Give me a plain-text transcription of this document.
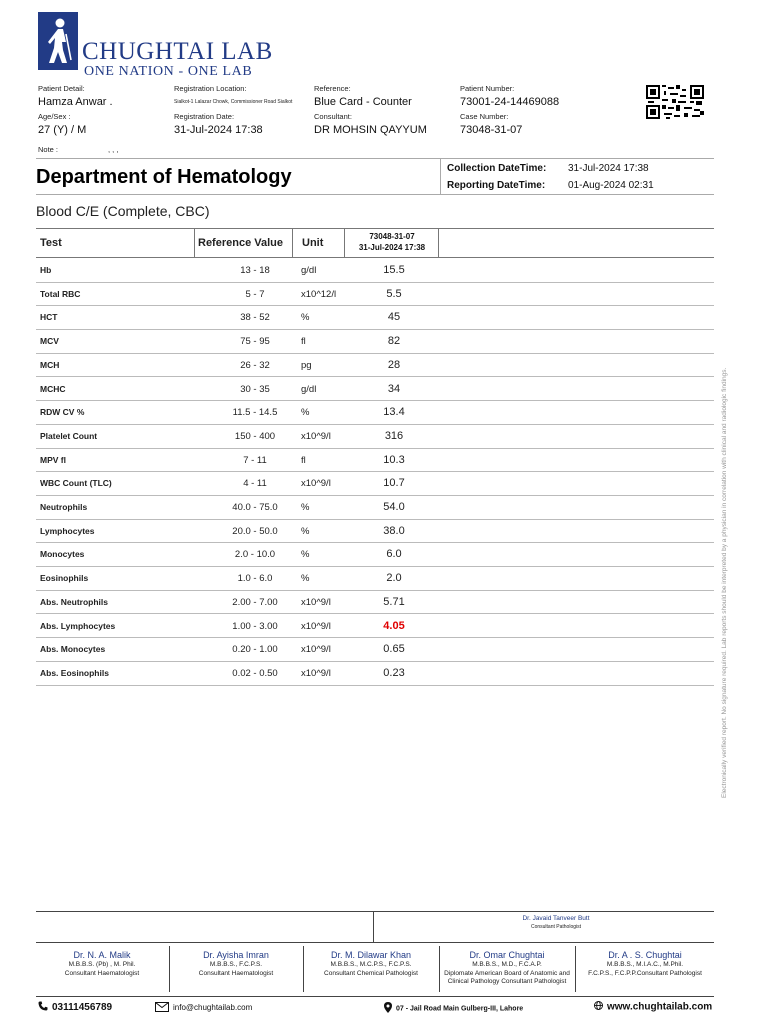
CHUGHTAI LAB
ONE NATION - ONE LAB
Patient Detail:
Hamza Anwar .
Age/Sex :
27 (Y) / M
Note :	, , ,
Registration Location:
Sialkot-1 Lalazar Chowk, Commissioner Road Sialkot
Registration Date:
31-Jul-2024 17:38
Reference:
Blue Card - Counter
Consultant:
DR MOHSIN QAYYUM
Patient Number:
73001-24-14469088
Case Number:
73048-31-07
Department of Hematology	Collection DateTime: 31-Jul-2024 17:38
Reporting DateTime: 01-Aug-2024 02:31
Blood C/E (Complete, CBC)
Test	Reference Value Unit
73048-31-07
31-Jul-2024 17:38
Hb	13 - 18	g/dl	15.5
Total RBC	5 - 7	x10^12/l	5.5
HCT	38 - 52	%	45
MCV	75 - 95	fl	82
MCH	26 - 32	pg	28
MCHC	30 - 35	g/dl	34
RDW CV %	11.5 - 14.5	%	13.4
Platelet Count	150 - 400	x10^9/l	316
MPV fl	7 - 11	fl	10.3
WBC Count (TLC)	4 - 11	x10^9/l	10.7
Neutrophils	40.0 - 75.0	%	54.0
Lymphocytes	20.0 - 50.0	%	38.0
Monocytes	2.0 - 10.0	%	6.0
Eosinophils	1.0 - 6.0	%	2.0
Abs. Neutrophils	2.00 - 7.00	x10^9/l	5.71
Abs. Lymphocytes	1.00 - 3.00	x10^9/l	4.05
Abs. Monocytes	0.20 - 1.00	x10^9/l	0.65
Abs. Eosinophils	0.02 - 0.50	x10^9/l	0.23	Electronically verified report. No signature required. Lab reports should be interpreted by a physician in correlation with clinical and radiologic findings.
Dr. Javaid Tanveer Butt
Consultant Pathologist
Dr. N. A. Malik
M.B.B.S. (Pb) , M. Phil.
Consultant Haematologist
Dr. Ayisha Imran
M.B.B.S., F.C.P.S.
Consultant Haematologist
Dr. M. Dilawar Khan
M.B.B.S., M.C.P.S., F.C.P.S.
Consultant Chemical Pathologist
Dr. Omar Chughtai
M.B.B.S., M.D., F.C.A.P.
Diplomate American Board of Anatomic and Clinical Pathology Consultant Pathologist
Dr. A . S. Chughtai
M.B.B.S., M.I.A.C., M.Phil.
F.C.P.S., F.C.P.P.Consultant Pathologist
03111456789	info@chughtailab.com	07 - Jail Road Main Gulberg-III, Lahore	www.chughtailab.com
